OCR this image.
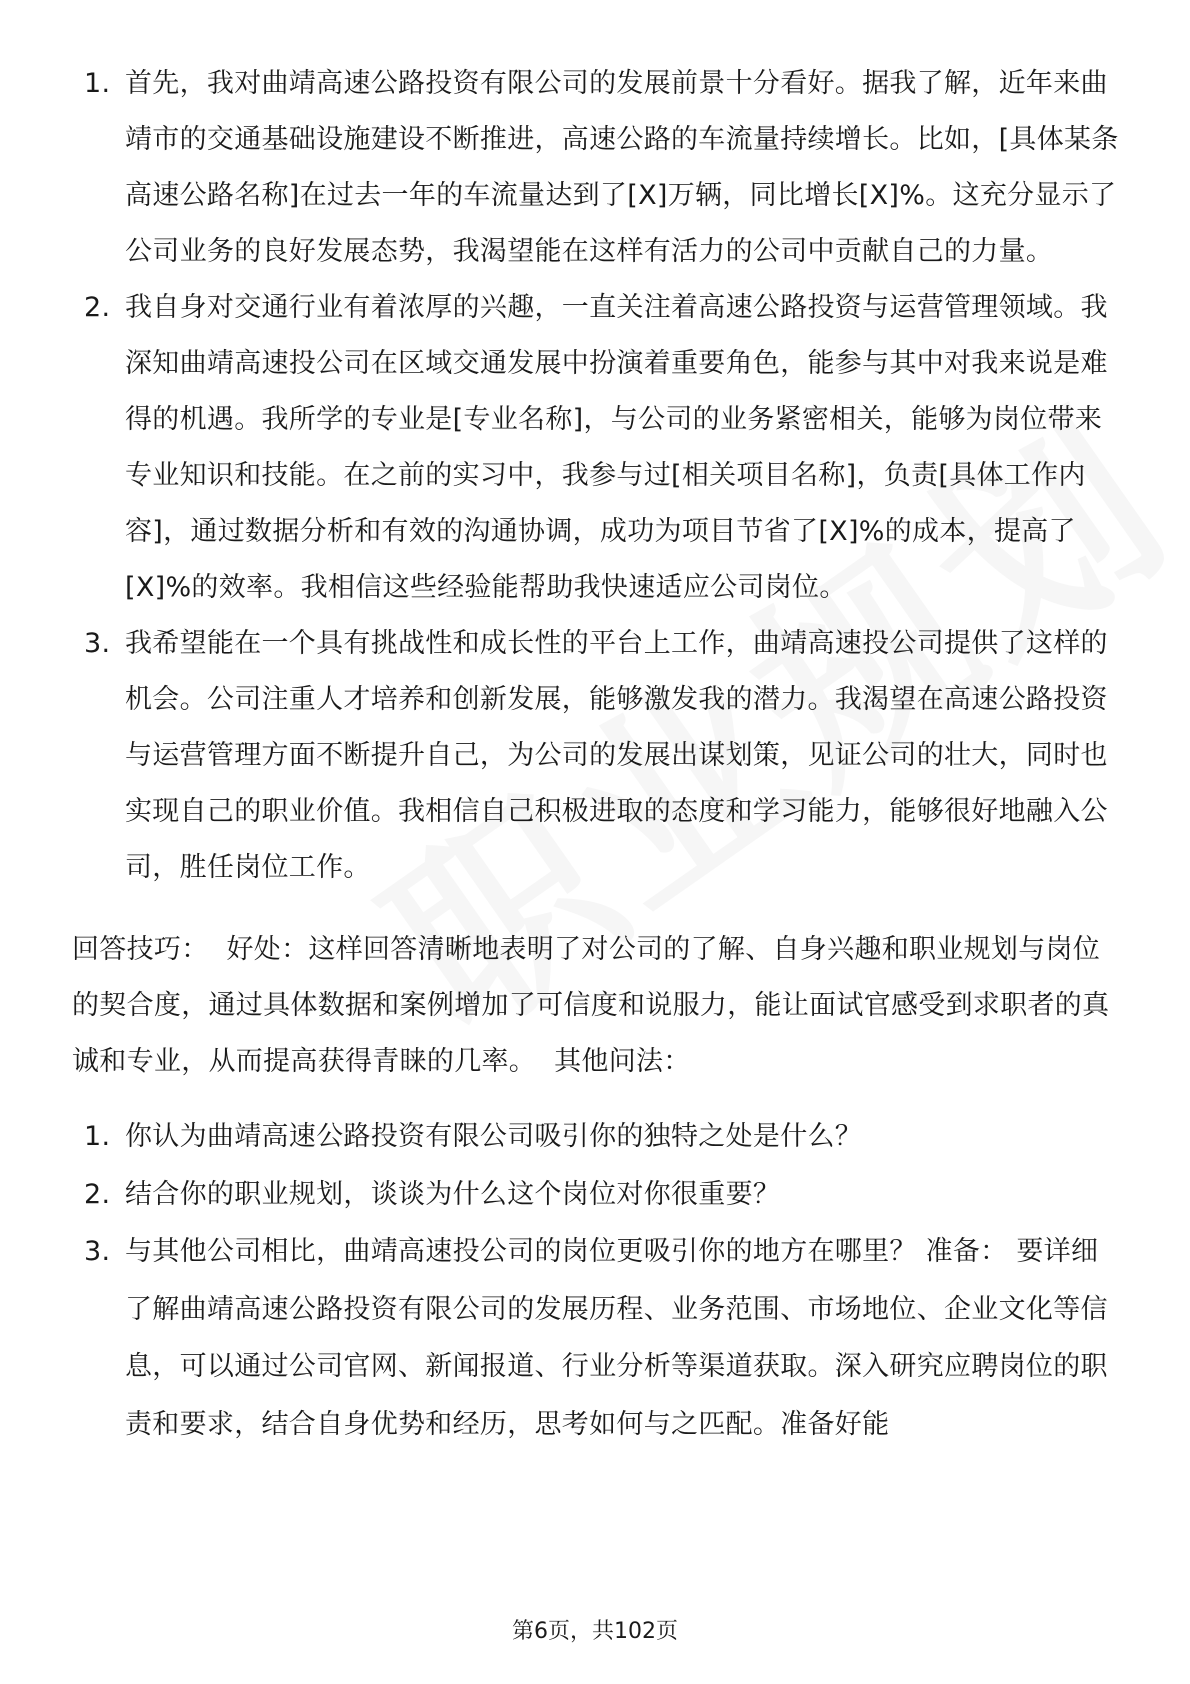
1. 首先，我对曲靖高速公路投资有限公司的发展前景十分看好。据我了解，近年来曲靖市的交通基础设施建设不断推进，高速公路的车流量持续增长。比如，[具体某条高速公路名称]在过去一年的车流量达到了[X]万辆，同比增长[X]%。这充分显示了公司业务的良好发展态势，我渴望能在这样有活力的公司中贡献自己的力量。
2. 我自身对交通行业有着浓厚的兴趣，一直关注着高速公路投资与运营管理领域。我深知曲靖高速投公司在区域交通发展中扮演着重要角色，能参与其中对我来说是难得的机遇。我所学的专业是[专业名称]，与公司的业务紧密相关，能够为岗位带来专业知识和技能。在之前的实习中，我参与过[相关项目名称]，负责[具体工作内容]，通过数据分析和有效的沟通协调，成功为项目节省了[X]%的成本，提高了[X]%的效率。我相信这些经验能帮助我快速适应公司岗位。
3. 我希望能在一个具有挑战性和成长性的平台上工作，曲靖高速投公司提供了这样的机会。公司注重人才培养和创新发展，能够激发我的潜力。我渴望在高速公路投资与运营管理方面不断提升自己，为公司的发展出谋划策，见证公司的壮大，同时也实现自己的职业价值。我相信自己积极进取的态度和学习能力，能够很好地融入公司，胜任岗位工作。

回答技巧： 好处：这样回答清晰地表明了对公司的了解、自身兴趣和职业规划与岗位的契合度，通过具体数据和案例增加了可信度和说服力，能让面试官感受到求职者的真诚和专业，从而提高获得青睐的几率。 其他问法：

1. 你认为曲靖高速公路投资有限公司吸引你的独特之处是什么？
2. 结合你的职业规划，谈谈为什么这个岗位对你很重要？
3. 与其他公司相比，曲靖高速投公司的岗位更吸引你的地方在哪里？ 准备： 要详细了解曲靖高速公路投资有限公司的发展历程、业务范围、市场地位、企业文化等信息，可以通过公司官网、新闻报道、行业分析等渠道获取。深入研究应聘岗位的职责和要求，结合自身优势和经历，思考如何与之匹配。准备好能
第6页，共102页
